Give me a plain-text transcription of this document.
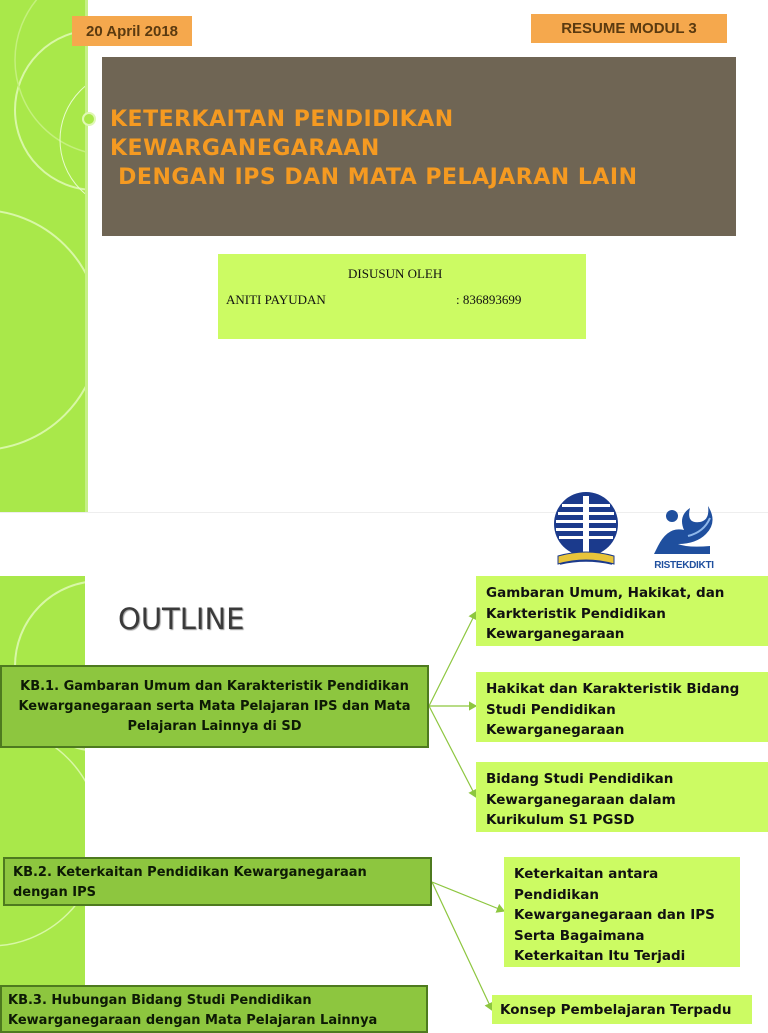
20 April 2018	RESUME MODUL 3
KETERKAITAN PENDIDIKAN
KEWARGANEGARAAN
DENGAN IPS DAN MATA PELAJARAN LAIN
DISUSUN OLEH
ANITI PAYUDAN	: 836893699
RISTEKDIKTI
OUTLINE
KB.1. Gambaran Umum dan Karakteristik Pendidikan Kewarganegaraan serta Mata Pelajaran IPS dan Mata Pelajaran Lainnya di SD
KB.2. Keterkaitan Pendidikan Kewarganegaraan dengan IPS
KB.3. Hubungan Bidang Studi Pendidikan Kewarganegaraan dengan Mata Pelajaran Lainnya
Gambaran Umum, Hakikat, dan Karkteristik Pendidikan Kewarganegaraan
Hakikat dan Karakteristik Bidang Studi Pendidikan Kewarganegaraan
Bidang Studi Pendidikan Kewarganegaraan dalam Kurikulum S1 PGSD
Keterkaitan antara Pendidikan Kewarganegaraan dan IPS Serta Bagaimana Keterkaitan Itu Terjadi
Konsep Pembelajaran Terpadu
